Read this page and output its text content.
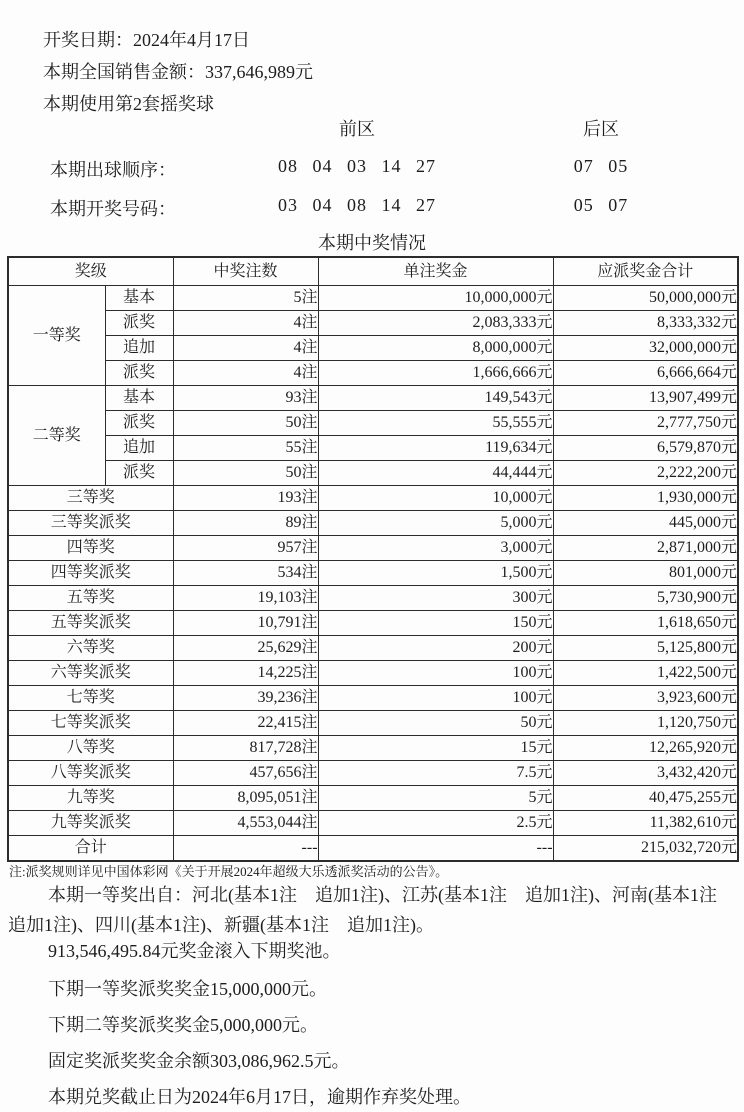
开奖日期：2024年4月17日
本期全国销售金额：337,646,989元
本期使用第2套摇奖球
前区	后区
本期出球顺序：	08 04 03 14 27	07 05
本期开奖号码：	03 04 08 14 27	05 07
本期中奖情况
奖级		中奖注数	单注奖金	应派奖金合计
一等奖	基本	5注	10,000,000元	50,000,000元
	派奖	4注	2,083,333元	8,333,332元
	追加	4注	8,000,000元	32,000,000元
	派奖	4注	1,666,666元	6,666,664元
二等奖	基本	93注	149,543元	13,907,499元
	派奖	50注	55,555元	2,777,750元
	追加	55注	119,634元	6,579,870元
	派奖	50注	44,444元	2,222,200元
三等奖		193注	10,000元	1,930,000元
三等奖派奖		89注	5,000元	445,000元
四等奖		957注	3,000元	2,871,000元
四等奖派奖		534注	1,500元	801,000元
五等奖		19,103注	300元	5,730,900元
五等奖派奖		10,791注	150元	1,618,650元
六等奖		25,629注	200元	5,125,800元
六等奖派奖		14,225注	100元	1,422,500元
七等奖		39,236注	100元	3,923,600元
七等奖派奖		22,415注	50元	1,120,750元
八等奖		817,728注	15元	12,265,920元
八等奖派奖		457,656注	7.5元	3,432,420元
九等奖		8,095,051注	5元	40,475,255元
九等奖派奖		4,553,044注	2.5元	11,382,610元
合计		---	---	215,032,720元
注:派奖规则详见中国体彩网《关于开展2024年超级大乐透派奖活动的公告》。
本期一等奖出自：河北(基本1注　追加1注)、江苏(基本1注　追加1注)、河南(基本1注　追加1注)、四川(基本1注)、新疆(基本1注　追加1注)。
913,546,495.84元奖金滚入下期奖池。
下期一等奖派奖奖金15,000,000元。
下期二等奖派奖奖金5,000,000元。
固定奖派奖奖金余额303,086,962.5元。
本期兑奖截止日为2024年6月17日，逾期作弃奖处理。
